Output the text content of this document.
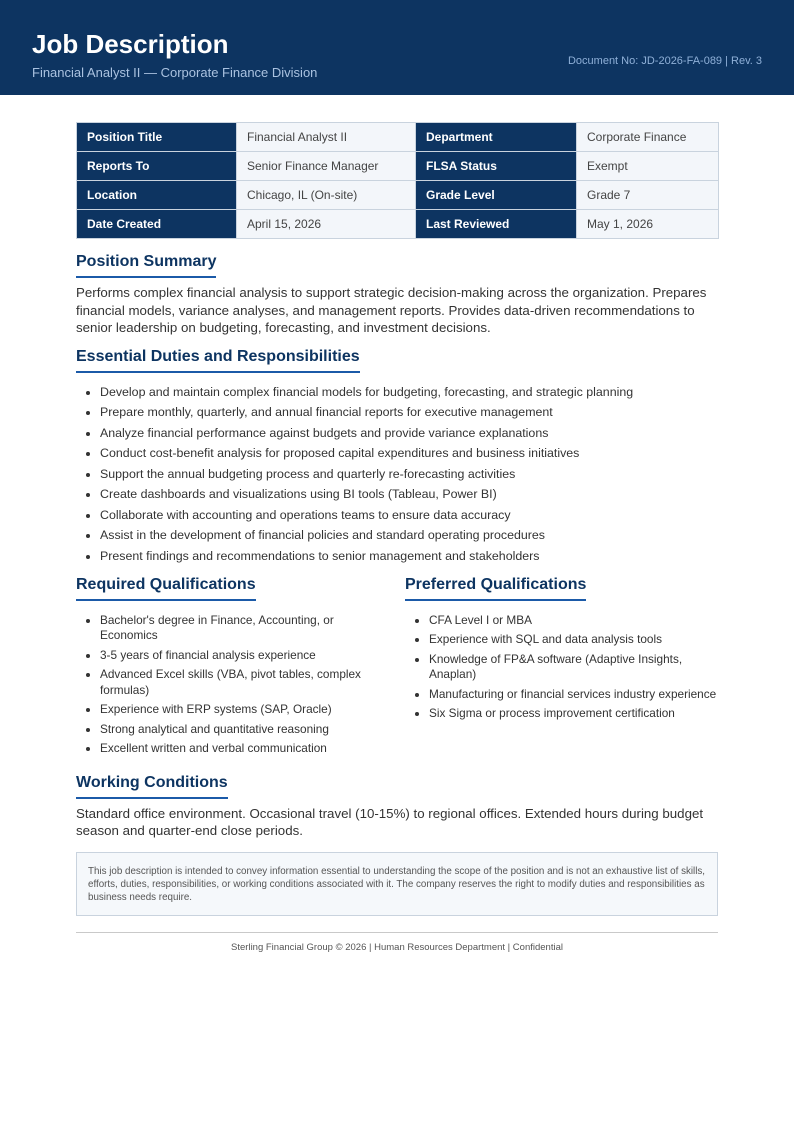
Job Description
Financial Analyst II — Corporate Finance Division
Document No: JD-2026-FA-089 | Rev. 3
Position Title	Financial Analyst II	Department	Corporate Finance
Reports To	Senior Finance Manager	FLSA Status	Exempt
Location	Chicago, IL (On-site)	Grade Level	Grade 7
Date Created	April 15, 2026	Last Reviewed	May 1, 2026
Position Summary

Performs complex financial analysis to support strategic decision-making across the organization. Prepares financial models, variance analyses, and management reports. Provides data-driven recommendations to senior leadership on budgeting, forecasting, and investment decisions.

Essential Duties and Responsibilities
• Develop and maintain complex financial models for budgeting, forecasting, and strategic planning
• Prepare monthly, quarterly, and annual financial reports for executive management
• Analyze financial performance against budgets and provide variance explanations
• Conduct cost-benefit analysis for proposed capital expenditures and business initiatives
• Support the annual budgeting process and quarterly re-forecasting activities
• Create dashboards and visualizations using BI tools (Tableau, Power BI)
• Collaborate with accounting and operations teams to ensure data accuracy
• Assist in the development of financial policies and standard operating procedures
• Present findings and recommendations to senior management and stakeholders
Required Qualifications
• Bachelor's degree in Finance, Accounting, or Economics
• 3-5 years of financial analysis experience
• Advanced Excel skills (VBA, pivot tables, complex formulas)
• Experience with ERP systems (SAP, Oracle)
• Strong analytical and quantitative reasoning
• Excellent written and verbal communication
Preferred Qualifications
• CFA Level I or MBA
• Experience with SQL and data analysis tools
• Knowledge of FP&A software (Adaptive Insights, Anaplan)
• Manufacturing or financial services industry experience
• Six Sigma or process improvement certification
Working Conditions

Standard office environment. Occasional travel (10-15%) to regional offices. Extended hours during budget season and quarter-end close periods.

This job description is intended to convey information essential to understanding the scope of the position and is not an exhaustive list of skills, efforts, duties, responsibilities, or working conditions associated with it. The company reserves the right to modify duties and responsibilities as business needs require.
Sterling Financial Group © 2026 | Human Resources Department | Confidential
